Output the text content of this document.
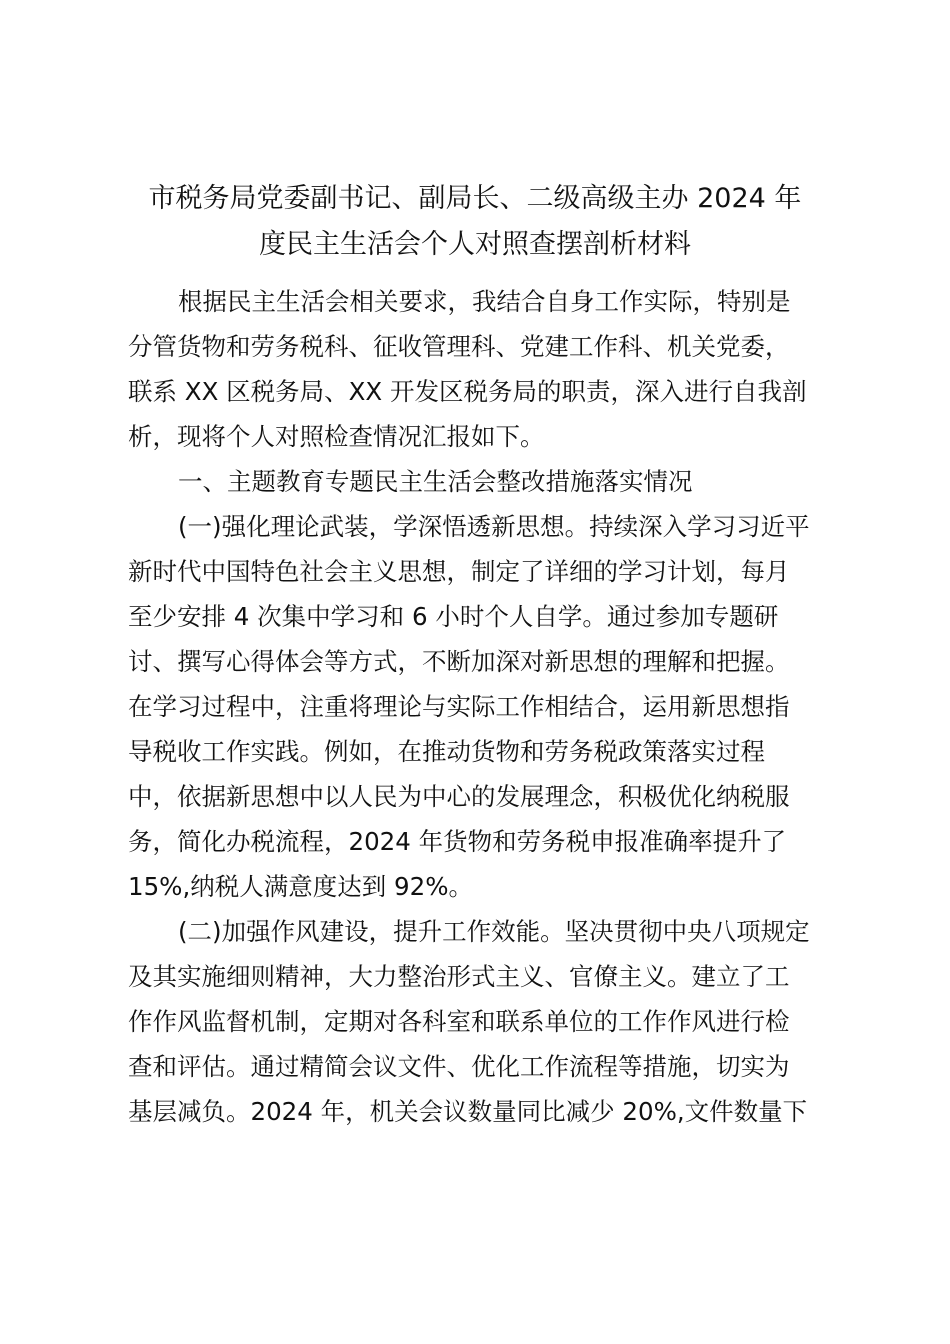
市税务局党委副书记、副局长、二级高级主办 2024 年
度民主生活会个人对照查摆剖析材料
根据民主生活会相关要求，我结合自身工作实际，特别是
分管货物和劳务税科、征收管理科、党建工作科、机关党委，
联系 XX 区税务局、XX 开发区税务局的职责，深入进行自我剖
析，现将个人对照检查情况汇报如下。
一、主题教育专题民主生活会整改措施落实情况
(一)强化理论武装，学深悟透新思想。持续深入学习习近平
新时代中国特色社会主义思想，制定了详细的学习计划，每月
至少安排 4 次集中学习和 6 小时个人自学。通过参加专题研
讨、撰写心得体会等方式，不断加深对新思想的理解和把握。
在学习过程中，注重将理论与实际工作相结合，运用新思想指
导税收工作实践。例如，在推动货物和劳务税政策落实过程
中，依据新思想中以人民为中心的发展理念，积极优化纳税服
务，简化办税流程，2024 年货物和劳务税申报准确率提升了
15%,纳税人满意度达到 92%。
(二)加强作风建设，提升工作效能。坚决贯彻中央八项规定
及其实施细则精神，大力整治形式主义、官僚主义。建立了工
作作风监督机制，定期对各科室和联系单位的工作作风进行检
查和评估。通过精简会议文件、优化工作流程等措施，切实为
基层减负。2024 年，机关会议数量同比减少 20%,文件数量下
